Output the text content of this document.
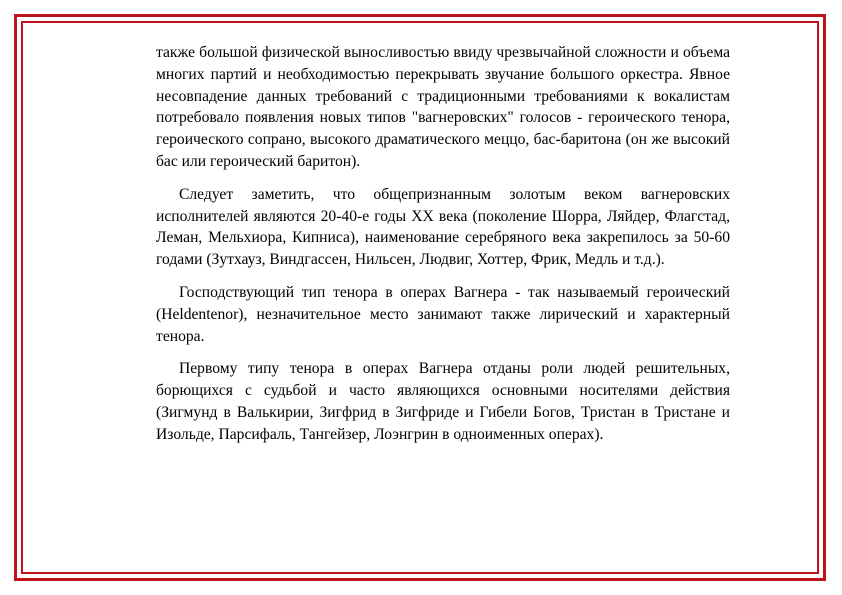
также большой физической выносливостью ввиду чрезвычайной сложности и объема многих партий и необходимостью перекрывать звучание большого оркестра. Явное несовпадение данных требований с традиционными требованиями к вокалистам потребовало появления новых типов "вагнеровских" голосов - героического тенора, героического сопрано, высокого драматического меццо, бас-баритона (он же высокий бас или героический баритон).

Следует заметить, что общепризнанным золотым веком вагнеровских исполнителей являются 20-40-е годы XX века (поколение Шорра, Ляйдер, Флагстад, Леман, Мельхиора, Кипниса), наименование серебряного века закрепилось за 50-60 годами (Зутхауз, Виндгассен, Нильсен, Людвиг, Хоттер, Фрик, Медль и т.д.).

Господствующий тип тенора в операх Вагнера - так называемый героический (Heldentenor), незначительное место занимают также лирический и характерный тенора.

Первому типу тенора в операх Вагнера отданы роли людей решительных, борющихся с судьбой и часто являющихся основными носителями действия (Зигмунд в Валькирии, Зигфрид в Зигфриде и Гибели Богов, Тристан в Тристане и Изольде, Парсифаль, Тангейзер, Лоэнгрин в одноименных операх).
